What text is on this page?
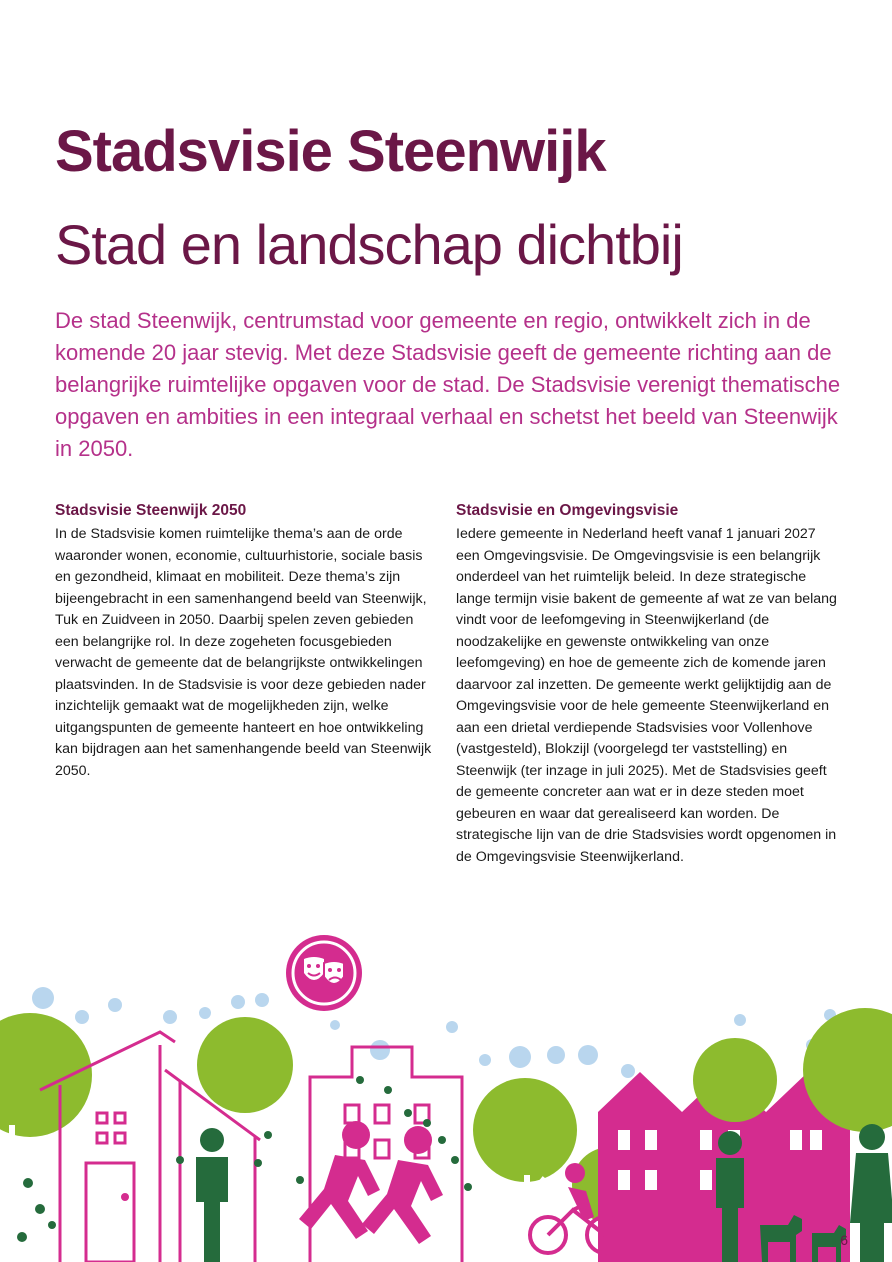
Stadsvisie Steenwijk
Stad en landschap dichtbij

De stad Steenwijk, centrumstad voor gemeente en regio, ontwikkelt zich in de komende 20 jaar stevig. Met deze Stadsvisie geeft de gemeente richting aan de belangrijke ruimtelijke opgaven voor de stad. De Stadsvisie verenigt thematische opgaven en ambities in een integraal verhaal en schetst het beeld van Steenwijk in 2050.

Stadsvisie Steenwijk 2050

In de Stadsvisie komen ruimtelijke thema’s aan de orde waaronder wonen, economie, cultuurhistorie, sociale basis en gezondheid, klimaat en mobiliteit. Deze thema’s zijn bijeengebracht in een samenhangend beeld van Steenwijk, Tuk en Zuidveen in 2050. Daarbij spelen zeven gebieden een belangrijke rol. In deze zogeheten focusgebieden verwacht de gemeente dat de belangrijkste ontwikkelingen plaatsvinden. In de Stadsvisie is voor deze gebieden nader inzichtelijk gemaakt wat de mogelijkheden zijn, welke uitgangspunten de gemeente hanteert en hoe ontwikkeling kan bijdragen aan het samenhangende beeld van Steenwijk 2050.

Stadsvisie en Omgevingsvisie

Iedere gemeente in Nederland heeft vanaf 1 januari 2027 een Omgevingsvisie. De Omgevingsvisie is een belangrijk onderdeel van het ruimtelijk beleid. In deze strategische lange termijn visie bakent de gemeente af wat ze van belang vindt voor de leefomgeving in Steenwijkerland (de noodzakelijke en gewenste ontwikkeling van onze leefomgeving) en hoe de gemeente zich de komende jaren daarvoor zal inzetten. De gemeente werkt gelijktijdig aan de Omgevingsvisie voor de hele gemeente Steenwijkerland en aan een drietal verdiepende Stadsvisies voor Vollenhove (vastgesteld), Blokzijl (voorgelegd ter vaststelling) en Steenwijk (ter inzage in juli 2025). Met de Stadsvisies geeft de gemeente concreter aan wat er in deze steden moet gebeuren en waar dat gerealiseerd kan worden. De strategische lijn van de drie Stadsvisies wordt opgenomen in de Omgevingsvisie Steenwijkerland.

6
